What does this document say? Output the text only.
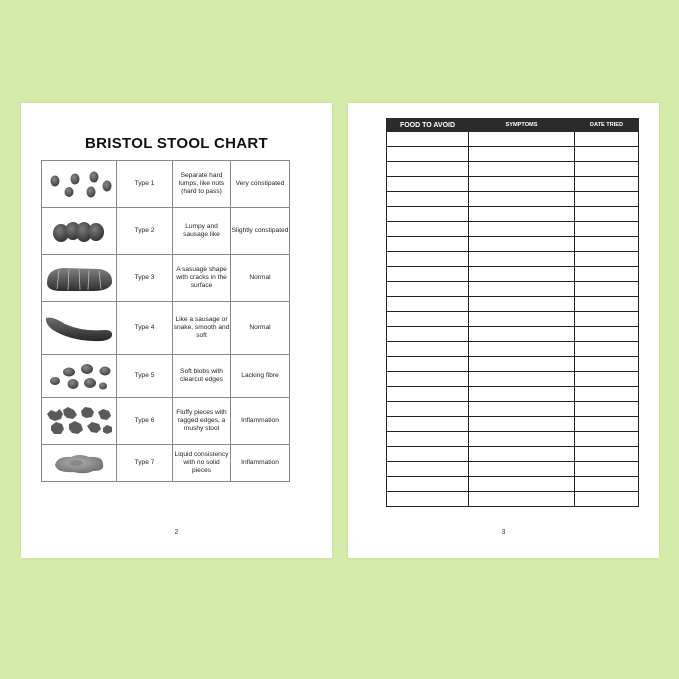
BRISTOL STOOL CHART
	Type 1	Separate hard lumps, like nuts (hard to pass)	Very constipated

	Type 2	Lumpy and sausage like	Slightly constipated

	Type 3	A sasuage shape with cracks in the surface	Normal

	Type 4	Like a sausage or snake, smooth and soft	Normal

	Type 5	Soft blobs with clearcut edges	Lacking fibre

	Type 6	Fluffy pieces with ragged edges, a mushy stool	Inflammation

	Type 7	Liquid consistency with no solid pieces	Inflammation
2
FOOD TO AVOID	SYMPTOMS	DATE TRIED

3
